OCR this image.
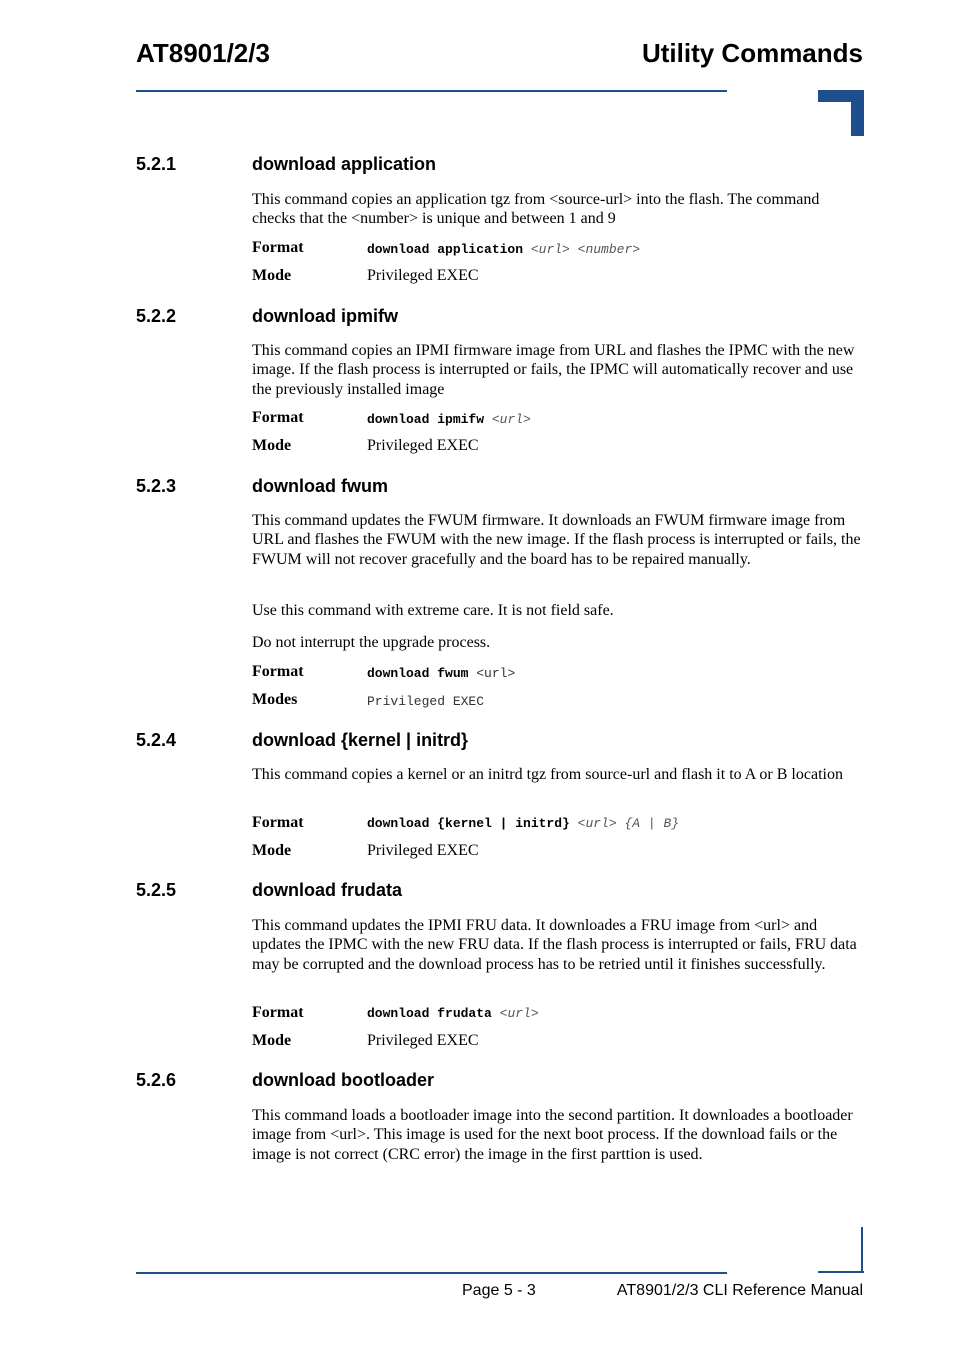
AT8901/2/3	Utility Commands
5.2.1	download application

This command copies an application tgz from <source-url> into the flash. The command checks that the <number> is unique and between 1 and 9

Format	download application <url> <number>
Mode	Privileged EXEC
5.2.2	download ipmifw

This command copies an IPMI firmware image from URL and flashes the IPMC with the new image. If the flash process is interrupted or fails, the IPMC will automatically recover and use the previously installed image

Format	download ipmifw <url>
Mode	Privileged EXEC
5.2.3	download fwum

This command updates the FWUM firmware. It downloads an FWUM firmware image from URL and flashes the FWUM with the new image. If the flash process is interrupted or fails, the FWUM will not recover gracefully and the board has to be repaired manually.

Use this command with extreme care. It is not field safe.

Do not interrupt the upgrade process.

Format	download fwum <url>
Modes	Privileged EXEC
5.2.4	download {kernel | initrd}

This command copies a kernel or an initrd tgz from source-url and flash it to A or B location

Format	download {kernel | initrd} <url> {A | B}
Mode	Privileged EXEC
5.2.5	download frudata

This command updates the IPMI FRU data. It downloades a FRU image from <url> and updates the IPMC with the new FRU data. If the flash process is interrupted or fails, FRU data may be corrupted and the download process has to be retried until it finishes successfully.

Format	download frudata <url>
Mode	Privileged EXEC
5.2.6	download bootloader

This command loads a bootloader image into the second partition. It downloades a bootloader image from <url>. This image is used for the next boot process. If the download fails or the image is not correct (CRC error) the image in the first parttion is used.

Page 5 - 3	AT8901/2/3 CLI Reference Manual
